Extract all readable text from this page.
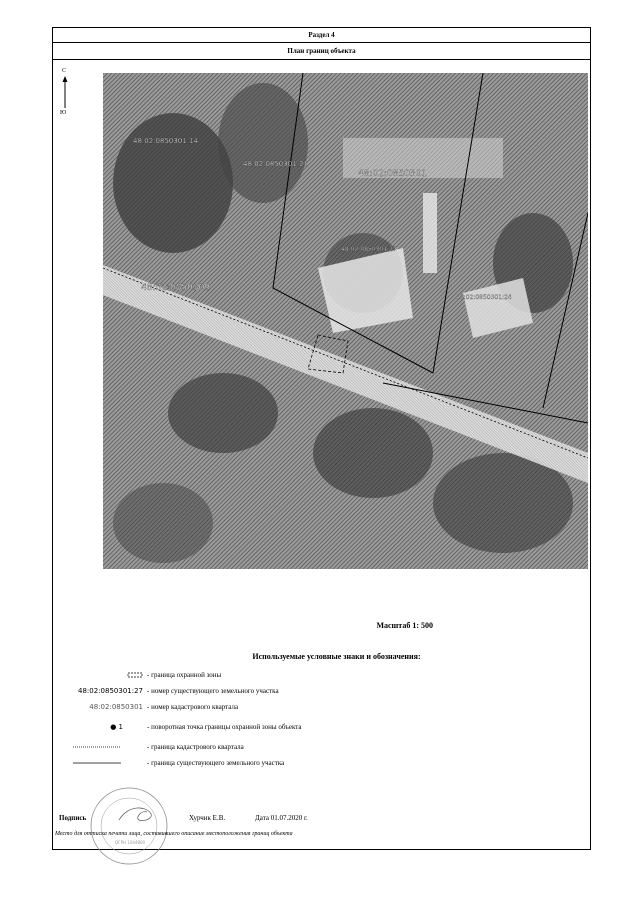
Раздел 4
План границ объекта
С
Ю
48:02:0850301:14
48:02:0850301:21
48:02:0850301
48:02:0850301:27
48:02:0850309
48:02:0850301:24
Масштаб 1: 500
Используемые условные знаки и обозначения:
- граница охранной зоны
48:02:0850301:27 - номер существующего земельного участка
48:02:0850301 - номер кадастрового квартала
● 1	- поворотная точка границы охранной зоны объекта
- граница кадастрового квартала
- граница существующего земельного участка
ОГРН 1044800
Подпись	Хурчик Е.В.	Дата 01.07.2020 г.
Место для оттиска печати лица, составившего описание местоположения границ объекта
